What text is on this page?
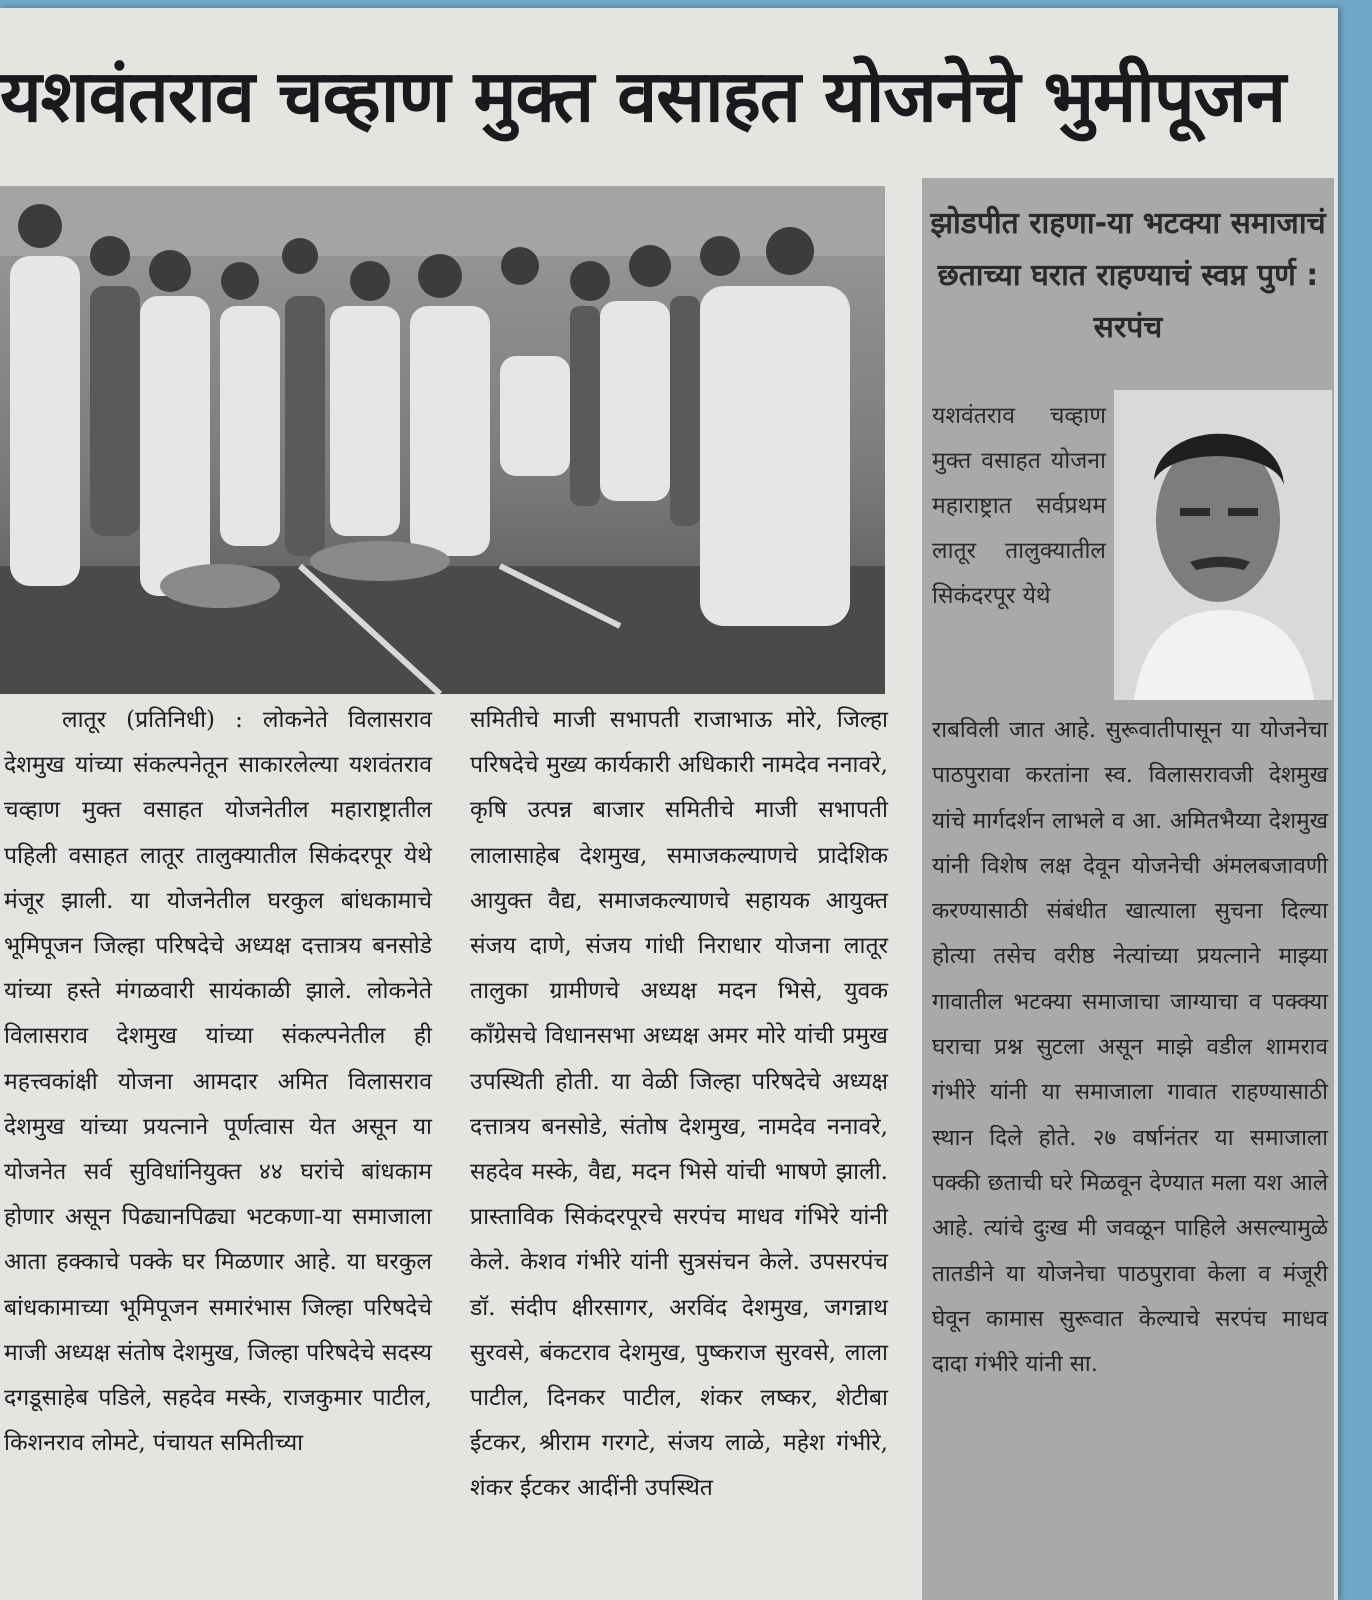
यशवंतराव चव्हाण मुक्त वसाहत योजनेचे भुमीपूजन

लातूर (प्रतिनिधी) : लोकनेते विलासराव देशमुख यांच्या संकल्पनेतून साकारलेल्या यशवंतराव चव्हाण मुक्त वसाहत योजनेतील महाराष्ट्रातील पहिली वसाहत लातूर तालुक्यातील सिकंदरपूर येथे मंजूर झाली. या योजनेतील घरकुल बांधकामाचे भूमिपूजन जिल्हा परिषदेचे अध्यक्ष दत्तात्रय बनसोडे यांच्या हस्ते मंगळवारी सायंकाळी झाले. लोकनेते विलासराव देशमुख यांच्या संकल्पनेतील ही महत्त्वकांक्षी योजना आमदार अमित विलासराव देशमुख यांच्या प्रयत्नाने पूर्णत्वास येत असून या योजनेत सर्व सुविधांनियुक्त ४४ घरांचे बांधकाम होणार असून पिढ्यानपिढ्या भटकणा-या समाजाला आता हक्काचे पक्के घर मिळणार आहे. या घरकुल बांधकामाच्या भूमिपूजन समारंभास जिल्हा परिषदेचे माजी अध्यक्ष संतोष देशमुख, जिल्हा परिषदेचे सदस्य दगडूसाहेब पडिले, सहदेव मस्के, राजकुमार पाटील, किशनराव लोमटे, पंचायत समितीच्या

समितीचे माजी सभापती राजाभाऊ मोरे, जिल्हा परिषदेचे मुख्य कार्यकारी अधिकारी नामदेव ननावरे, कृषि उत्पन्न बाजार समितीचे माजी सभापती लालासाहेब देशमुख, समाजकल्याणचे प्रादेशिक आयुक्त वैद्य, समाजकल्याणचे सहायक आयुक्त संजय दाणे, संजय गांधी निराधार योजना लातूर तालुका ग्रामीणचे अध्यक्ष मदन भिसे, युवक काँग्रेसचे विधानसभा अध्यक्ष अमर मोरे यांची प्रमुख उपस्थिती होती. या वेळी जिल्हा परिषदेचे अध्यक्ष दत्तात्रय बनसोडे, संतोष देशमुख, नामदेव ननावरे, सहदेव मस्के, वैद्य, मदन भिसे यांची भाषणे झाली. प्रास्ताविक सिकंदरपूरचे सरपंच माधव गंभिरे यांनी केले. केशव गंभीरे यांनी सुत्रसंचन केले. उपसरपंच डॉ. संदीप क्षीरसागर, अरविंद देशमुख, जगन्नाथ सुरवसे, बंकटराव देशमुख, पुष्कराज सुरवसे, लाला पाटील, दिनकर पाटील, शंकर लष्कर, शेटीबा ईटकर, श्रीराम गरगटे, संजय लाळे, महेश गंभीरे, शंकर ईटकर आदींनी उपस्थित

झोडपीत राहणा-या भटक्या समाजाचं छताच्या घरात राहण्याचं स्वप्न पुर्ण : सरपंच

यशवंतराव चव्हाण मुक्त वसाहत योजना महाराष्ट्रात सर्वप्रथम लातूर तालुक्यातील सिकंदरपूर येथे

राबविली जात आहे. सुरूवातीपासून या योजनेचा पाठपुरावा करतांना स्व. विलासरावजी देशमुख यांचे मार्गदर्शन लाभले व आ. अमितभैय्या देशमुख यांनी विशेष लक्ष देवून योजनेची अंमलबजावणी करण्यासाठी संबंधीत खात्याला सुचना दिल्या होत्या तसेच वरीष्ठ नेत्यांच्या प्रयत्नाने माझ्या गावातील भटक्या समाजाचा जाग्याचा व पक्क्या घराचा प्रश्न सुटला असून माझे वडील शामराव गंभीरे यांनी या समाजाला गावात राहण्यासाठी स्थान दिले होते. २७ वर्षानंतर या समाजाला पक्की छताची घरे मिळवून देण्यात मला यश आले आहे. त्यांचे दुःख मी जवळून पाहिले असल्यामुळे तातडीने या योजनेचा पाठपुरावा केला व मंजूरी घेवून कामास सुरूवात केल्याचे सरपंच माधव दादा गंभीरे यांनी सा.
